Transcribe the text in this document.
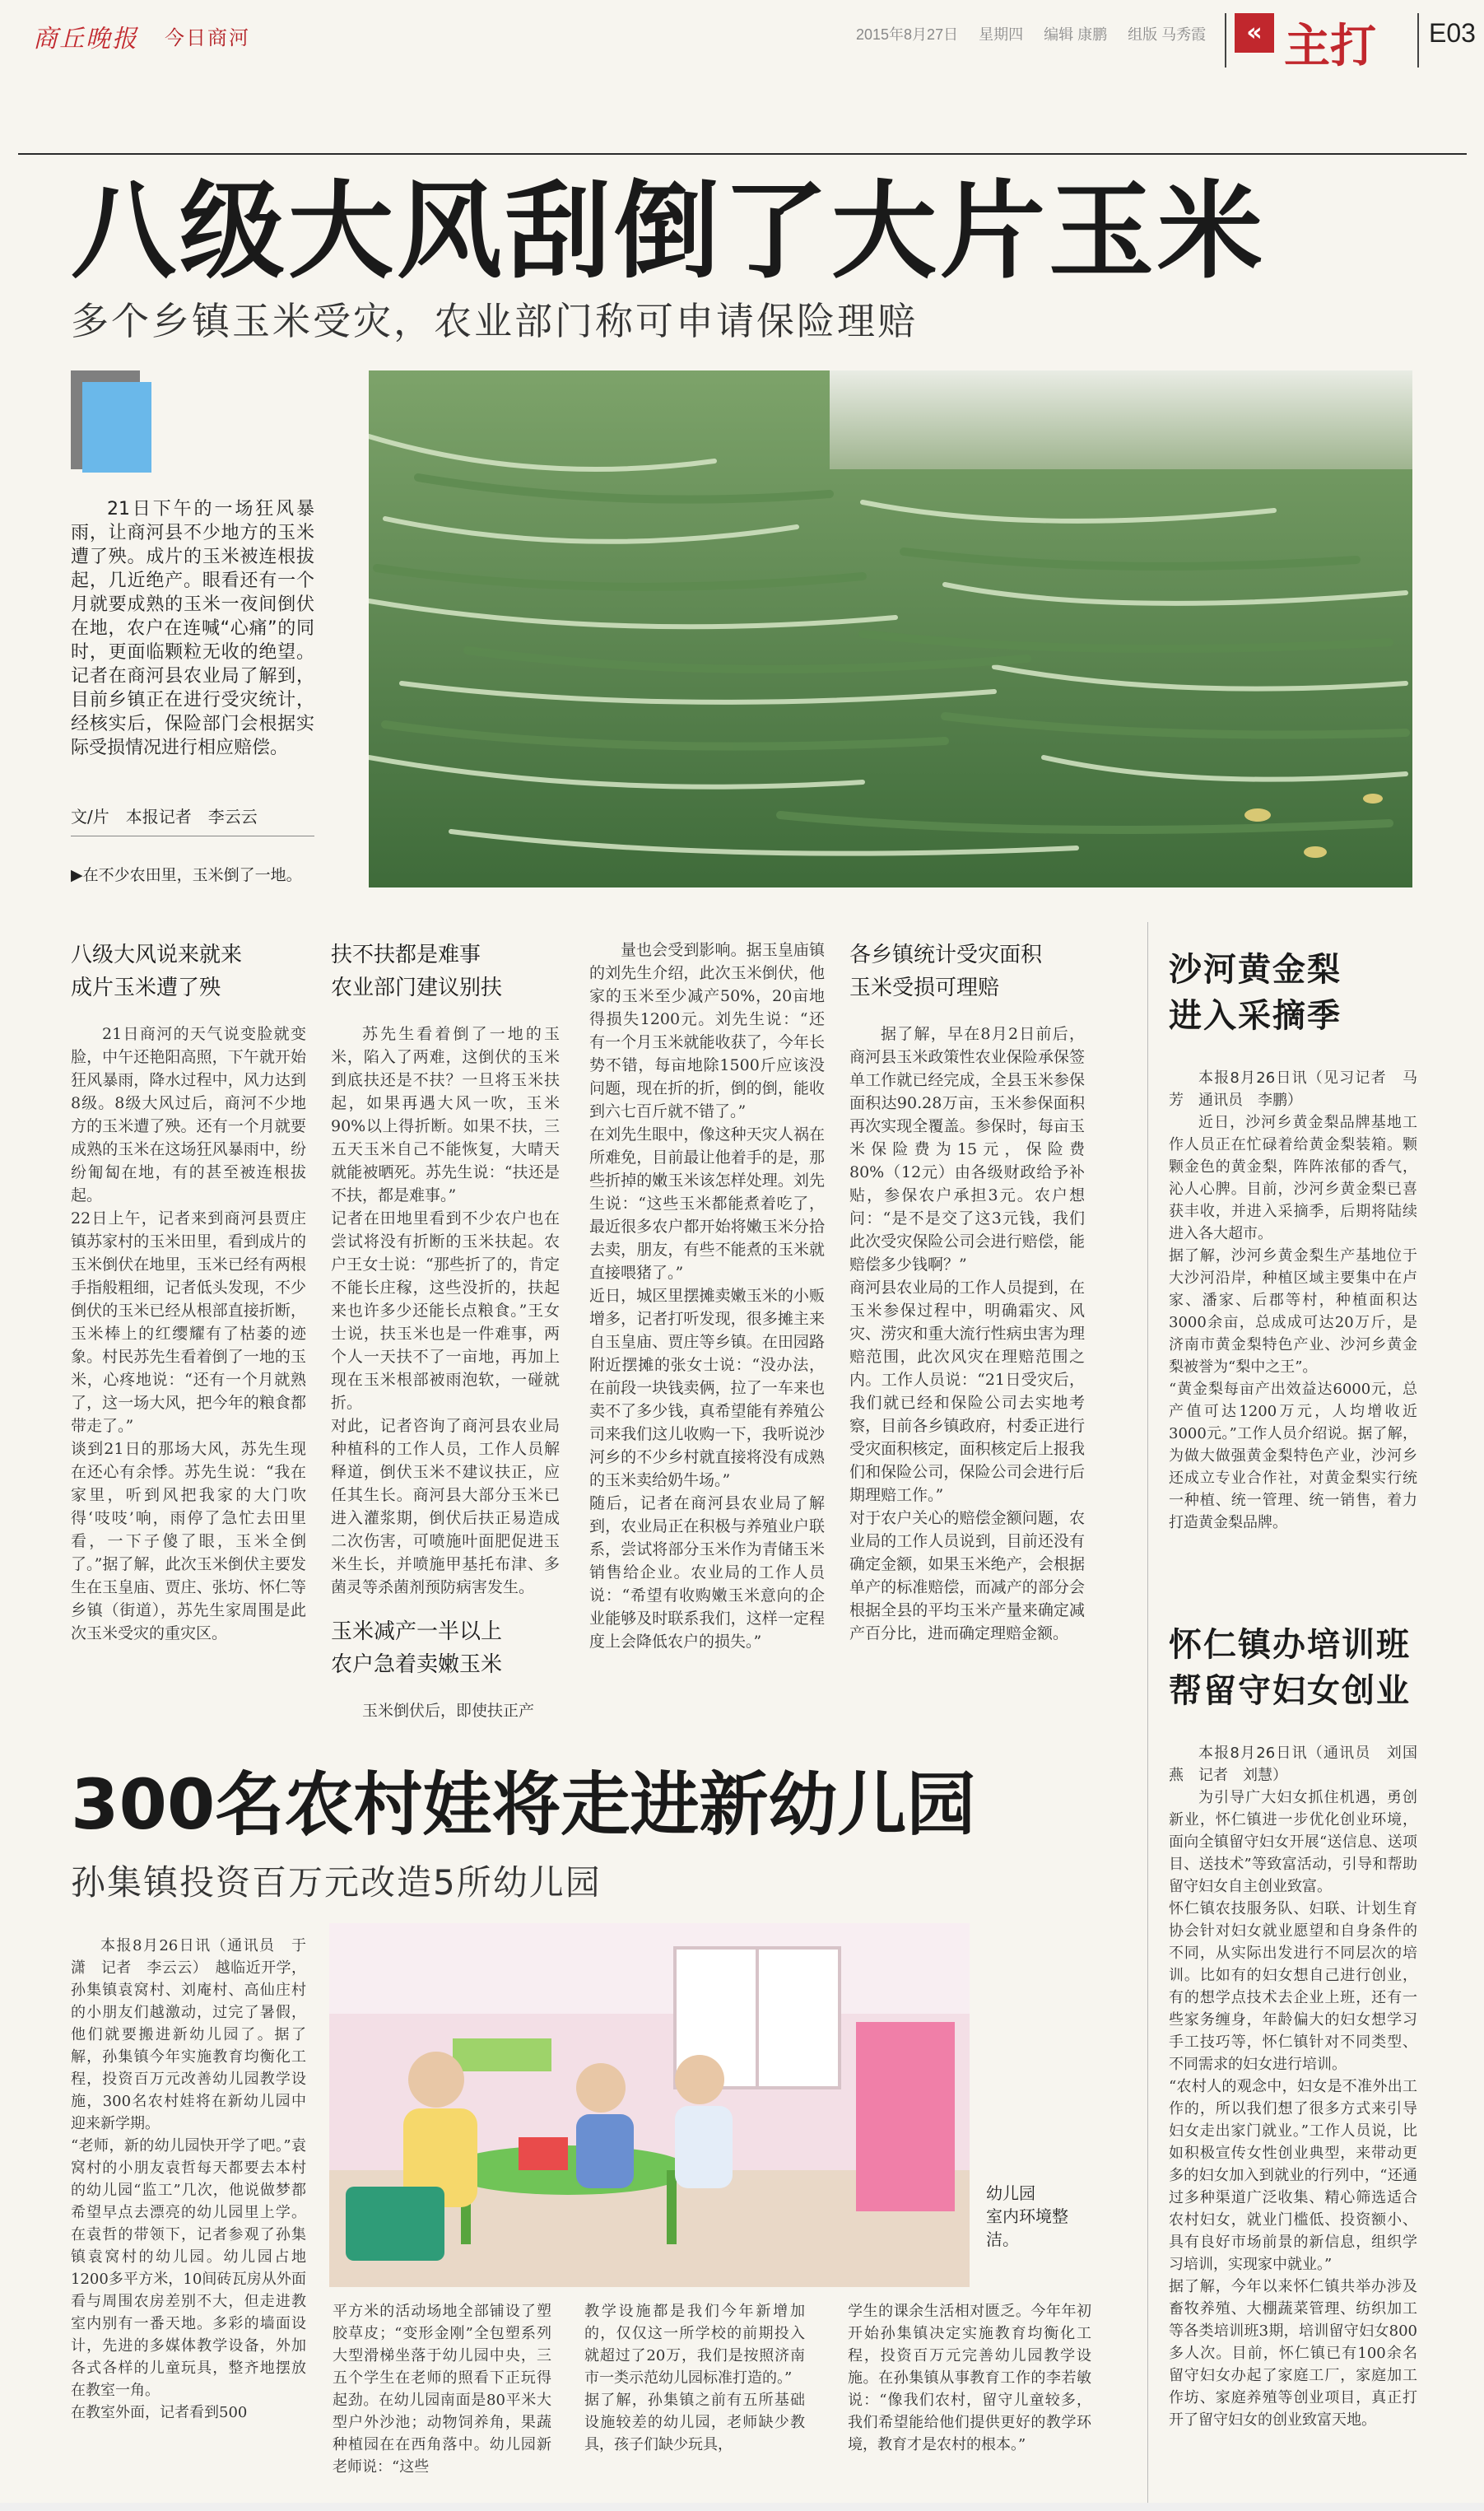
商丘晚报 今日商河	2015年8月27日 星期四 编辑 康鹏 组版 马秀霞	« 主打 E03
八级大风刮倒了大片玉米
多个乡镇玉米受灾，农业部门称可申请保险理赔

21日下午的一场狂风暴雨，让商河县不少地方的玉米遭了殃。成片的玉米被连根拔起，几近绝产。眼看还有一个月就要成熟的玉米一夜间倒伏在地，农户在连喊“心痛”的同时，更面临颗粒无收的绝望。记者在商河县农业局了解到，目前乡镇正在进行受灾统计，经核实后，保险部门会根据实际受损情况进行相应赔偿。

文/片　本报记者　李云云
▶在不少农田里，玉米倒了一地。
八级大风说来就来
成片玉米遭了殃
21日商河的天气说变脸就变脸，中午还艳阳高照，下午就开始狂风暴雨，降水过程中，风力达到8级。8级大风过后，商河不少地方的玉米遭了殃。还有一个月就要成熟的玉米在这场狂风暴雨中，纷纷匍匐在地，有的甚至被连根拔起。
22日上午，记者来到商河县贾庄镇苏家村的玉米田里，看到成片的玉米倒伏在地里，玉米已经有两根手指般粗细，记者低头发现，不少倒伏的玉米已经从根部直接折断，玉米棒上的红缨耀有了枯萎的迹象。村民苏先生看着倒了一地的玉米，心疼地说：“还有一个月就熟了，这一场大风，把今年的粮食都带走了。”
谈到21日的那场大风，苏先生现在还心有余悸。苏先生说：“我在家里，听到风把我家的大门吹得‘吱吱’响，雨停了急忙去田里看，一下子傻了眼，玉米全倒了。”据了解，此次玉米倒伏主要发生在玉皇庙、贾庄、张坊、怀仁等乡镇（街道），苏先生家周围是此次玉米受灾的重灾区。
扶不扶都是难事
农业部门建议别扶
苏先生看着倒了一地的玉米，陷入了两难，这倒伏的玉米到底扶还是不扶？一旦将玉米扶起，如果再遇大风一吹，玉米90%以上得折断。如果不扶，三五天玉米自己不能恢复，大晴天就能被晒死。苏先生说：“扶还是不扶，都是难事。”
记者在田地里看到不少农户也在尝试将没有折断的玉米扶起。农户王女士说：“那些折了的，肯定不能长庄稼，这些没折的，扶起来也许多少还能长点粮食。”王女士说，扶玉米也是一件难事，两个人一天扶不了一亩地，再加上现在玉米根部被雨泡软，一碰就折。
对此，记者咨询了商河县农业局种植科的工作人员，工作人员解释道，倒伏玉米不建议扶正，应任其生长。商河县大部分玉米已进入灌浆期，倒伏后扶正易造成二次伤害，可喷施叶面肥促进玉米生长，并喷施甲基托布津、多菌灵等杀菌剂预防病害发生。
玉米减产一半以上
农户急着卖嫩玉米
玉米倒伏后，即使扶正产
量也会受到影响。据玉皇庙镇的刘先生介绍，此次玉米倒伏，他家的玉米至少减产50%，20亩地得损失1200元。刘先生说：“还有一个月玉米就能收获了，今年长势不错，每亩地除1500斤应该没问题，现在折的折，倒的倒，能收到六七百斤就不错了。”
在刘先生眼中，像这种天灾人祸在所难免，目前最让他着手的是，那些折掉的嫩玉米该怎样处理。刘先生说：“这些玉米都能煮着吃了，最近很多农户都开始将嫩玉米分拾去卖，朋友，有些不能煮的玉米就直接喂猪了。”
近日，城区里摆摊卖嫩玉米的小贩增多，记者打听发现，很多摊主来自玉皇庙、贾庄等乡镇。在田园路附近摆摊的张女士说：“没办法，在前段一块钱卖俩，拉了一车来也卖不了多少钱，真希望能有养殖公司来我们这儿收购一下，我听说沙河乡的不少乡村就直接将没有成熟的玉米卖给奶牛场。”
随后，记者在商河县农业局了解到，农业局正在积极与养殖业户联系，尝试将部分玉米作为青储玉米销售给企业。农业局的工作人员说：“希望有收购嫩玉米意向的企业能够及时联系我们，这样一定程度上会降低农户的损失。”
各乡镇统计受灾面积
玉米受损可理赔
据了解，早在8月2日前后，商河县玉米政策性农业保险承保签单工作就已经完成，全县玉米参保面积达90.28万亩，玉米参保面积再次实现全覆盖。参保时，每亩玉米保险费为15元，保险费80%（12元）由各级财政给予补贴，参保农户承担3元。农户想问：“是不是交了这3元钱，我们此次受灾保险公司会进行赔偿，能赔偿多少钱啊？”
商河县农业局的工作人员提到，在玉米参保过程中，明确霜灾、风灾、涝灾和重大流行性病虫害为理赔范围，此次风灾在理赔范围之内。工作人员说：“21日受灾后，我们就已经和保险公司去实地考察，目前各乡镇政府，村委正进行受灾面积核定，面积核定后上报我们和保险公司，保险公司会进行后期理赔工作。”
对于农户关心的赔偿金额问题，农业局的工作人员说到，目前还没有确定金额，如果玉米绝产，会根据单产的标准赔偿，而减产的部分会根据全县的平均玉米产量来确定减产百分比，进而确定理赔金额。
沙河黄金梨
进入采摘季

本报8月26日讯（见习记者　马芳　通讯员　李鹏）

近日，沙河乡黄金梨品牌基地工作人员正在忙碌着给黄金梨装箱。颗颗金色的黄金梨，阵阵浓郁的香气，沁人心脾。目前，沙河乡黄金梨已喜获丰收，并进入采摘季，后期将陆续进入各大超市。
据了解，沙河乡黄金梨生产基地位于大沙河沿岸，种植区域主要集中在卢家、潘家、后郡等村，种植面积达3000余亩，总成成可达20万斤，是济南市黄金梨特色产业、沙河乡黄金梨被誉为“梨中之王”。
“黄金梨每亩产出效益达6000元，总产值可达1200万元，人均增收近3000元。”工作人员介绍说。据了解，为做大做强黄金梨特色产业，沙河乡还成立专业合作社，对黄金梨实行统一种植、统一管理、统一销售，着力打造黄金梨品牌。
怀仁镇办培训班
帮留守妇女创业

本报8月26日讯（通讯员　刘国燕　记者　刘慧）

为引导广大妇女抓住机遇，勇创新业，怀仁镇进一步优化创业环境，面向全镇留守妇女开展“送信息、送项目、送技术”等致富活动，引导和帮助留守妇女自主创业致富。
怀仁镇农技服务队、妇联、计划生育协会针对妇女就业愿望和自身条件的不同，从实际出发进行不同层次的培训。比如有的妇女想自己进行创业，有的想学点技术去企业上班，还有一些家务缠身，年龄偏大的妇女想学习手工技巧等，怀仁镇针对不同类型、不同需求的妇女进行培训。
“农村人的观念中，妇女是不准外出工作的，所以我们想了很多方式来引导妇女走出家门就业。”工作人员说，比如积极宣传女性创业典型，来带动更多的妇女加入到就业的行列中，“还通过多种渠道广泛收集、精心筛选适合农村妇女，就业门槛低、投资额小、具有良好市场前景的新信息，组织学习培训，实现家中就业。”
据了解，今年以来怀仁镇共举办涉及畜牧养殖、大棚蔬菜管理、纺织加工等各类培训班3期，培训留守妇女800多人次。目前，怀仁镇已有100余名留守妇女办起了家庭工厂，家庭加工作坊、家庭养殖等创业项目，真正打开了留守妇女的创业致富天地。
300名农村娃将走进新幼儿园
孙集镇投资百万元改造5所幼儿园
本报8月26日讯（通讯员　于潇　记者　李云云）　越临近开学，孙集镇袁窝村、刘庵村、高仙庄村的小朋友们越激动，过完了暑假，他们就要搬进新幼儿园了。据了解，孙集镇今年实施教育均衡化工程，投资百万元改善幼儿园教学设施，300名农村娃将在新幼儿园中迎来新学期。
“老师，新的幼儿园快开学了吧。”袁窝村的小朋友袁哲每天都要去本村的幼儿园“监工”几次，他说做梦都希望早点去漂亮的幼儿园里上学。在袁哲的带领下，记者参观了孙集镇袁窝村的幼儿园。幼儿园占地1200多平方米，10间砖瓦房从外面看与周围农房差别不大，但走进教室内别有一番天地。多彩的墙面设计，先进的多媒体教学设备，外加各式各样的儿童玩具，整齐地摆放在教室一角。
在教室外面，记者看到500
幼儿园
室内环境整
洁。
平方米的活动场地全部铺设了塑胶草皮；“变形金刚”全包塑系列大型滑梯坐落于幼儿园中央，三五个学生在老师的照看下正玩得起劲。在幼儿园南面是80平米大型户外沙池；动物饲养角，果蔬种植园在在西角落中。幼儿园新老师说：“这些
教学设施都是我们今年新增加的，仅仅这一所学校的前期投入就超过了20万，我们是按照济南市一类示范幼儿园标准打造的。”
据了解，孙集镇之前有五所基础设施较差的幼儿园，老师缺少教具，孩子们缺少玩具，
学生的课余生活相对匮乏。今年年初开始孙集镇决定实施教育均衡化工程，投资百万元完善幼儿园教学设施。在孙集镇从事教育工作的李若敏说：“像我们农村，留守儿童较多，我们希望能给他们提供更好的教学环境，教育才是农村的根本。”
